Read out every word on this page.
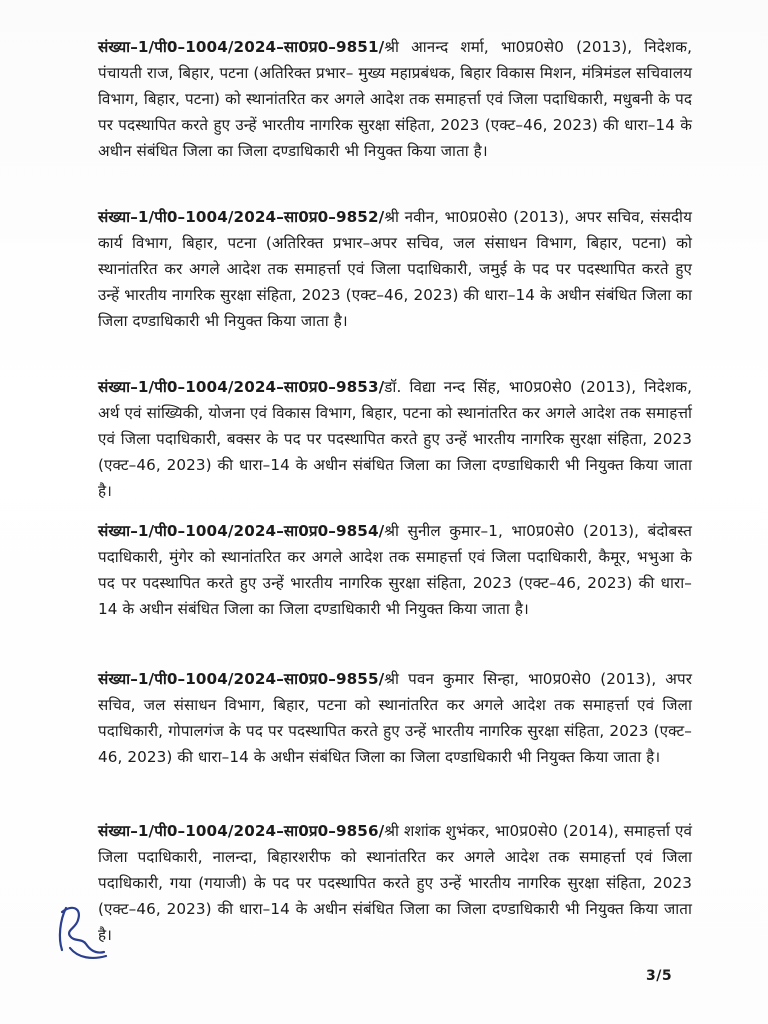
संख्या–1/पी0–1004/2024–सा0प्र0–9851/श्री आनन्द शर्मा, भा0प्र0से0 (2013), निदेशक, पंचायती राज, बिहार, पटना (अतिरिक्त प्रभार– मुख्य महाप्रबंधक, बिहार विकास मिशन, मंत्रिमंडल सचिवालय विभाग, बिहार, पटना) को स्थानांतरित कर अगले आदेश तक समाहर्त्ता एवं जिला पदाधिकारी, मधुबनी के पद पर पदस्थापित करते हुए उन्हें भारतीय नागरिक सुरक्षा संहिता, 2023 (एक्ट–46, 2023) की धारा–14 के अधीन संबंधित जिला का जिला दण्डाधिकारी भी नियुक्त किया जाता है।

संख्या–1/पी0–1004/2024–सा0प्र0–9852/श्री नवीन, भा0प्र0से0 (2013), अपर सचिव, संसदीय कार्य विभाग, बिहार, पटना (अतिरिक्त प्रभार–अपर सचिव, जल संसाधन विभाग, बिहार, पटना) को स्थानांतरित कर अगले आदेश तक समाहर्त्ता एवं जिला पदाधिकारी, जमुई के पद पर पदस्थापित करते हुए उन्हें भारतीय नागरिक सुरक्षा संहिता, 2023 (एक्ट–46, 2023) की धारा–14 के अधीन संबंधित जिला का जिला दण्डाधिकारी भी नियुक्त किया जाता है।

संख्या–1/पी0–1004/2024–सा0प्र0–9853/डॉ. विद्या नन्द सिंह, भा0प्र0से0 (2013), निदेशक, अर्थ एवं सांख्यिकी, योजना एवं विकास विभाग, बिहार, पटना को स्थानांतरित कर अगले आदेश तक समाहर्त्ता एवं जिला पदाधिकारी, बक्सर के पद पर पदस्थापित करते हुए उन्हें भारतीय नागरिक सुरक्षा संहिता, 2023 (एक्ट–46, 2023) की धारा–14 के अधीन संबंधित जिला का जिला दण्डाधिकारी भी नियुक्त किया जाता है।

संख्या–1/पी0–1004/2024–सा0प्र0–9854/श्री सुनील कुमार–1, भा0प्र0से0 (2013), बंदोबस्त पदाधिकारी, मुंगेर को स्थानांतरित कर अगले आदेश तक समाहर्त्ता एवं जिला पदाधिकारी, कैमूर, भभुआ के पद पर पदस्थापित करते हुए उन्हें भारतीय नागरिक सुरक्षा संहिता, 2023 (एक्ट–46, 2023) की धारा–14 के अधीन संबंधित जिला का जिला दण्डाधिकारी भी नियुक्त किया जाता है।

संख्या–1/पी0–1004/2024–सा0प्र0–9855/श्री पवन कुमार सिन्हा, भा0प्र0से0 (2013), अपर सचिव, जल संसाधन विभाग, बिहार, पटना को स्थानांतरित कर अगले आदेश तक समाहर्त्ता एवं जिला पदाधिकारी, गोपालगंज के पद पर पदस्थापित करते हुए उन्हें भारतीय नागरिक सुरक्षा संहिता, 2023 (एक्ट–46, 2023) की धारा–14 के अधीन संबंधित जिला का जिला दण्डाधिकारी भी नियुक्त किया जाता है।

संख्या–1/पी0–1004/2024–सा0प्र0–9856/श्री शशांक शुभंकर, भा0प्र0से0 (2014), समाहर्त्ता एवं जिला पदाधिकारी, नालन्दा, बिहारशरीफ को स्थानांतरित कर अगले आदेश तक समाहर्त्ता एवं जिला पदाधिकारी, गया (गयाजी) के पद पर पदस्थापित करते हुए उन्हें भारतीय नागरिक सुरक्षा संहिता, 2023 (एक्ट–46, 2023) की धारा–14 के अधीन संबंधित जिला का जिला दण्डाधिकारी भी नियुक्त किया जाता है।

3/5
